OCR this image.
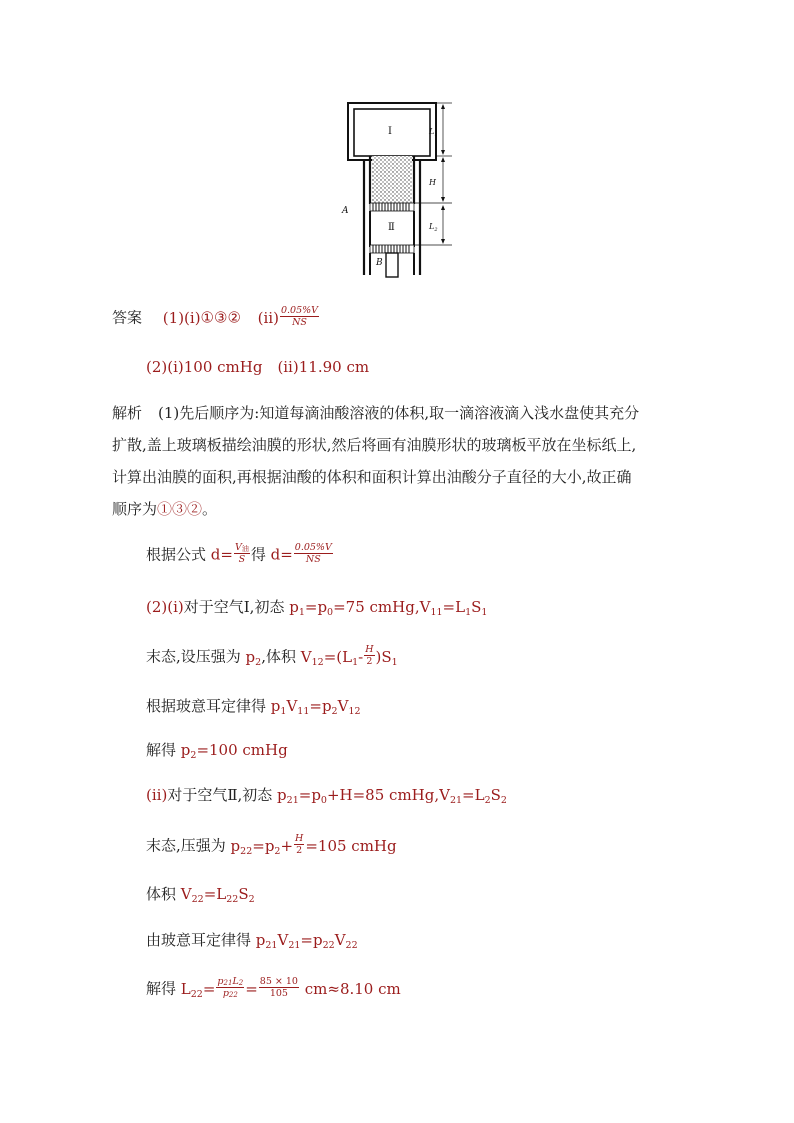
Ⅰ
Ⅱ
A
B
$L_1$
H
$L_2$
答案 (1)(ⅰ)①③② (ⅱ) $\frac{0.05\%V}{NS}$
(2)(ⅰ)100 cmHg　(ⅱ)11.90 cm
解析 (1)先后顺序为:知道每滴油酸溶液的体积,取一滴溶液滴入浅水盘使其充分
扩散,盖上玻璃板描绘油膜的形状,然后将画有油膜形状的玻璃板平放在坐标纸上,
计算出油膜的面积,再根据油酸的体积和面积计算出油酸分子直径的大小,故正确
顺序为①③②。
根据公式 $d= \frac{V_油}{S}$ 得 $d= \frac{0.05\%V}{NS}$
(2)(ⅰ)对于空气Ⅰ,初态 $p_1=p_0=75$ $cmHg,V_{11}=L_1S_1$
末态,设压强为 $p_2$,体积 $V_{12}=(L_1- \frac{H}{2} )S_1$
根据玻意耳定律得 $p_1V_{11}=p_2V_{12}$
解得 $p_2=100$ cmHg
(ⅱ)对于空气Ⅱ,初态 $p_{21}=p_0+H=85$ $cmHg,V_{21}=L_2S_2$
末态,压强为 $p_{22}=p_2+ \frac{H}{2} =105$ cmHg
体积 $V_{22}=L_{22}S_2$
由玻意耳定律得 $p_{21}V_{21}=p_{22}V_{22}$
解得 $L_{22}= \frac{p_{21}L_2}{p_{22}} = \frac{85 \times 10}{105} cm\approx 8.10$ cm
